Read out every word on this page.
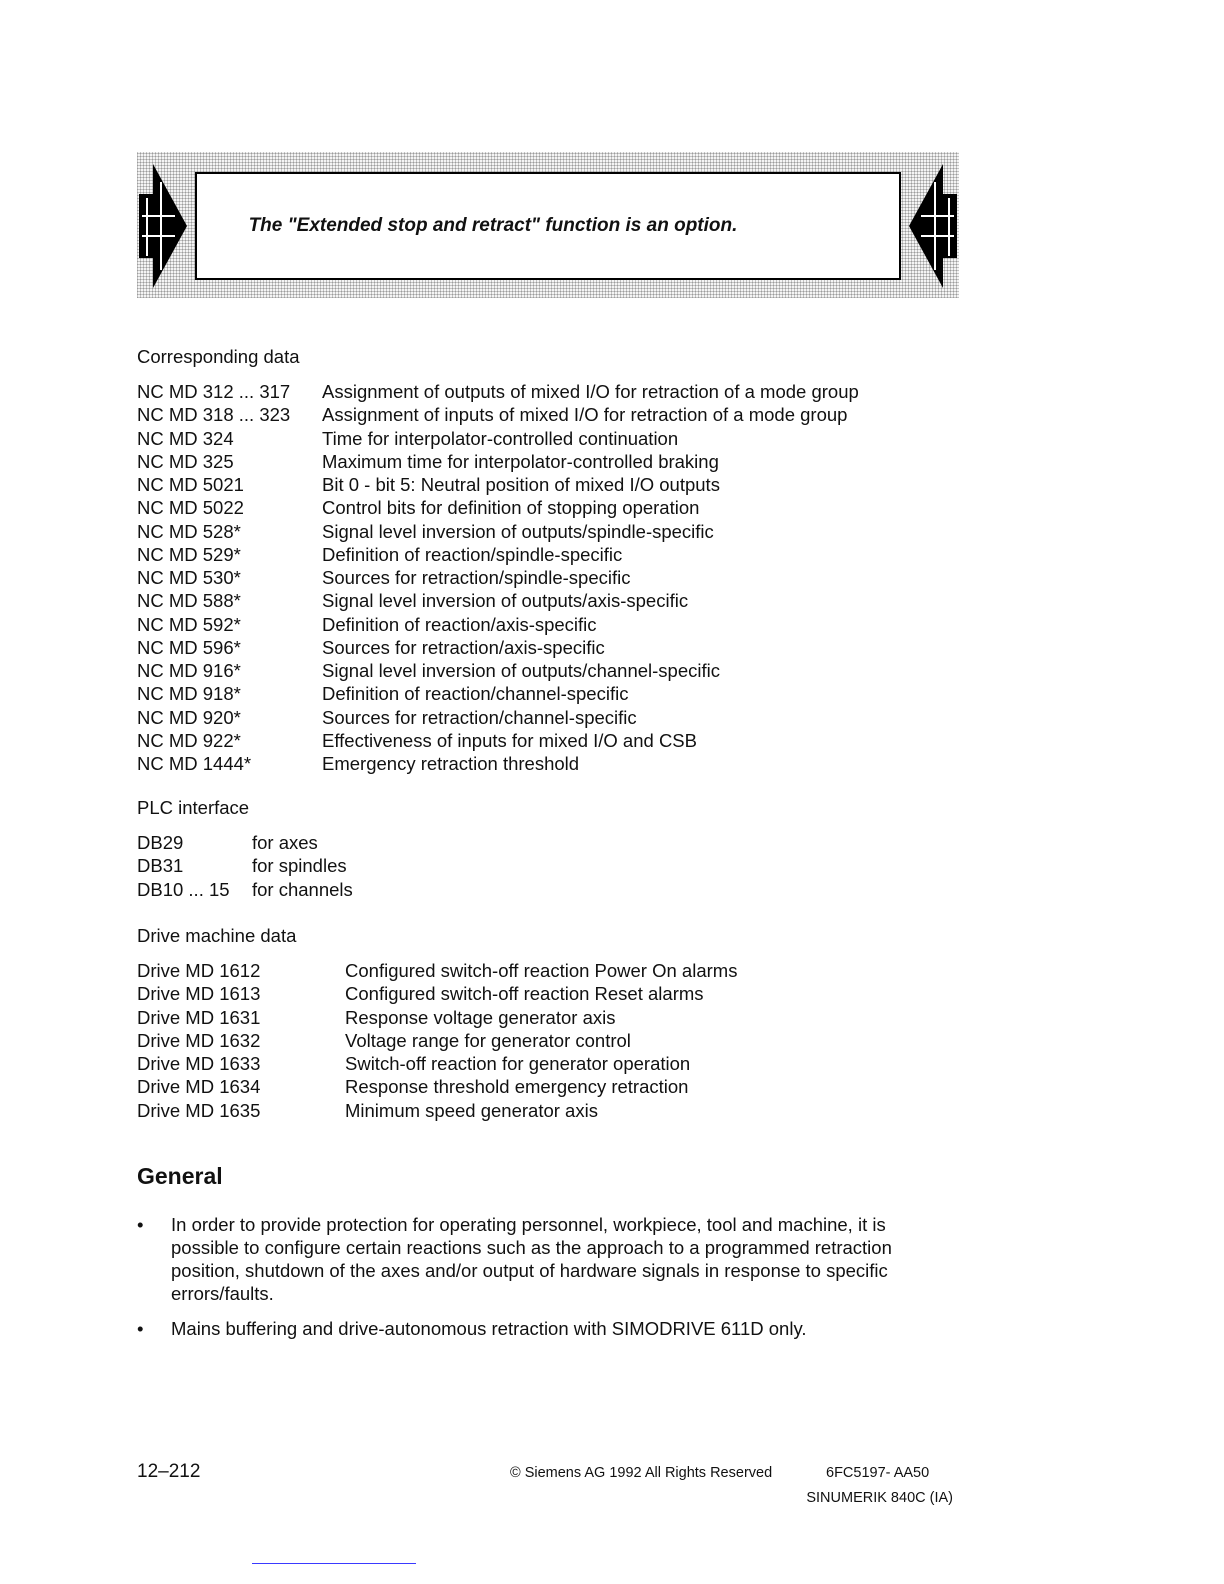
The "Extended stop and retract" function is an option.
Corresponding data
NC MD 312 ... 317 Assignment of outputs of mixed I/O for retraction of a mode group
NC MD 318 ... 323 Assignment of inputs of mixed I/O for retraction of a mode group
NC MD 324	Time for interpolator-controlled continuation
NC MD 325	Maximum time for interpolator-controlled braking
NC MD 5021	Bit 0 - bit 5: Neutral position of mixed I/O outputs
NC MD 5022	Control bits for definition of stopping operation
NC MD 528*	Signal level inversion of outputs/spindle-specific
NC MD 529*	Definition of reaction/spindle-specific
NC MD 530*	Sources for retraction/spindle-specific
NC MD 588*	Signal level inversion of outputs/axis-specific
NC MD 592*	Definition of reaction/axis-specific
NC MD 596*	Sources for retraction/axis-specific
NC MD 916*	Signal level inversion of outputs/channel-specific
NC MD 918*	Definition of reaction/channel-specific
NC MD 920*	Sources for retraction/channel-specific
NC MD 922*	Effectiveness of inputs for mixed I/O and CSB
NC MD 1444*	Emergency retraction threshold
PLC interface
DB29	for axes
DB31	for spindles
DB10 ... 15 for channels
Drive machine data
Drive MD 1612	Configured switch-off reaction Power On alarms
Drive MD 1613	Configured switch-off reaction Reset alarms
Drive MD 1631	Response voltage generator axis
Drive MD 1632	Voltage range for generator control
Drive MD 1633	Switch-off reaction for generator operation
Drive MD 1634	Response threshold emergency retraction
Drive MD 1635	Minimum speed generator axis
General
• In order to provide protection for operating personnel, workpiece, tool and machine, it is possible to configure certain reactions such as the approach to a programmed retraction position, shutdown of the axes and/or output of hardware signals in response to specific errors/faults.
• Mains buffering and drive-autonomous retraction with SIMODRIVE 611D only.
12–212	© Siemens AG 1992 All Rights Reserved	6FC5197- AA50
SINUMERIK 840C (IA)
